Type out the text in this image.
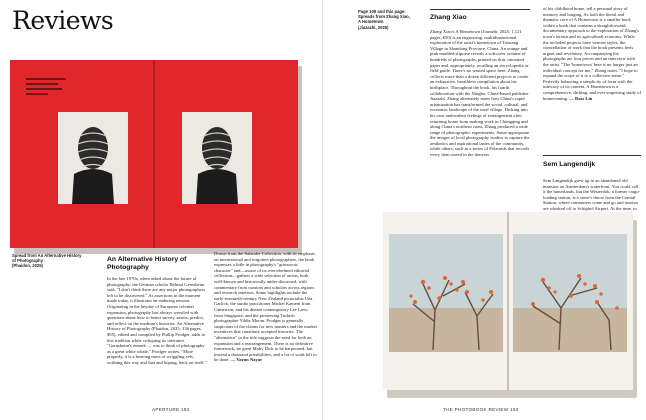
Reviews
Spread from An Alternative History of Photography
(Phaidon, 2025)
An Alternative History of Photography
In the late 1970s, when asked about the future of photography, the German scholar Helmut Gernsheim said, "I don't think there are any major photographers left to be discovered." As assertions in the moment made today, it illustrates an enduring tension. Originating in the heyday of European colonial expansion, photography has always wrestled with questions about how to better survey, assess, predict, and reflect on the medium's histories. An Alternative History of Photography (Phaidon, 2025; 336 pages, $95), edited and compiled by Phillip Prodger, adds to this tradition while critiquing its utterance. "Gernsheim's remark … was to think of photography as a great white whale," Prodger writes. "More properly, it is a heaving mass of wriggling eels, writhing this way and that and hoping, back on itself."
Drawn from the Salander Collection, with its emphasis on international and forgotten photographers, the book expresses a little in photography's "grassroots character" and—aware of its overwhelmed editorial collection—gathers a wide selection of artists, both well-known and historically under-discussed, with commentary from curators and scholars across regions and research interests. Some highlights include the early-twentieth-century New Zealand pictorialist Una Garlick; the studio practitioner Michel Kameni from Cameroon; and his distant contemporary Lee Liew, from Singapore; and the pioneering Turkish photographer Yildiz Moran. Prodger is generally suspicious of the claims for new masters and the market incentives that constitute accepted histories. The "alternative" in the title suggests the need for both an expansion and a rearrangement. There is no definitive framework, no great Moby Dick to be harpooned, but instead a thousand possibilities, and a lot of work left to be done. — Varun Nayar
APERTURE 192
Page 109 and this page: Spreads from Zhang Xiao, A Hometown
(Jiazazhi, 2025)
Zhang Xiao
Zhang Xiao's A Hometown (Jiazazhi, 2025; 1,121 pages, €50) is an engrossing, multidimensional exploration of the artist's hometown of Taixiang Village in Shandong Province, China. An orange and pink marbled slipcase reveals a softcover volume of hundreds of photographs, printed on thin, uncoated paper and, appropriately, recalling an encyclopedia or field guide. There's no wasted space here; Zhang collects more than a dozen different projects to create an exhaustive, breathless compilation about his birthplace. Throughout the book, his fourth collaboration with the Ningbo, China-based publisher Jiazazhi, Zhang alternately notes how China's rapid urbanization has transformed the social, cultural, and economic landscape of the rural village. Dicking into his own ambivalent feelings of estrangement after returning home from making work in Chongqing and along China's northern coast, Zhang produced a wide range of photographic experiments. Some appropriate the images of local photography studios to capture the aesthetics and aspirational tastes of the community, while others, such as a series of Polaroids that records every item stored in the drawers
of his childhood home, tell a personal story of memory and longing. As both the literal and thematic core of A Hometown is a smaller book within a book that contains a straightforward, documentary approach to the exploration of Zhang's town's terrain and its agricultural economy. While the included projects have various styles, the constellation of work that the book presents feels urgent and revelatory. Accompanying the photographs are four pieces and an interview with the artist. "The 'hometown' here is no longer just an individual concept for me," Zhang notes. "I hope to expand the scope of it to a collective sense." Perfectly balancing a simplicity of form with the intricacy of its content, A Hometown is a comprehensive, shifting, and ever-surprising study of homecoming. — Ross Lin
Sem Langendijk
Sem Langendijk grew up in an abandoned old mansion on Amsterdam's waterfront. You could call it the hinterlands, but the Westerdok, a former cargo-loading station, is a stone's throw from the Central Station, where commuters come and go and tourists are whisked off to Schiphol Airport. At the time, in
THE PHOTOBOOK REVIEW 193
